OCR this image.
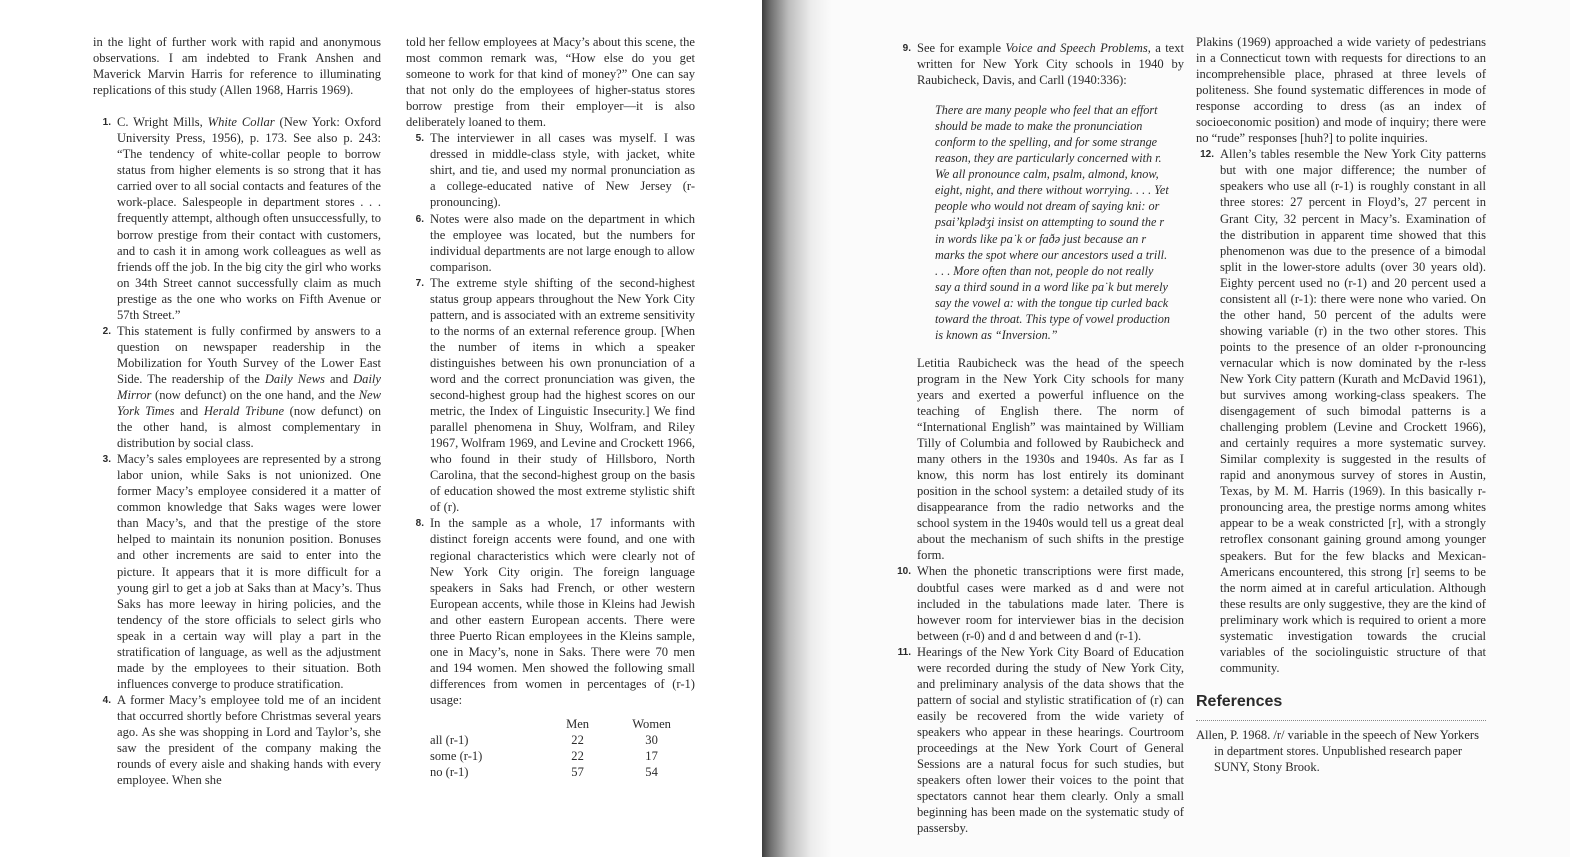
in the light of further work with rapid and anonymous observations. I am indebted to Frank Anshen and Maverick Marvin Harris for reference to illuminating replications of this study (Allen 1968, Harris 1969).

1. C. Wright Mills, White Collar (New York: Oxford University Press, 1956), p. 173. See also p. 243: “The tendency of white-collar people to borrow status from higher elements is so strong that it has carried over to all social contacts and features of the work-place. Salespeople in department stores . . . frequently attempt, although often unsuccessfully, to borrow prestige from their contact with customers, and to cash it in among work colleagues as well as friends off the job. In the big city the girl who works on 34th Street cannot successfully claim as much prestige as the one who works on Fifth Avenue or 57th Street.”
2. This statement is fully confirmed by answers to a question on newspaper readership in the Mobilization for Youth Survey of the Lower East Side. The readership of the Daily News and Daily Mirror (now defunct) on the one hand, and the New York Times and Herald Tribune (now defunct) on the other hand, is almost complementary in distribution by social class.
3. Macy’s sales employees are represented by a strong labor union, while Saks is not unionized. One former Macy’s employee considered it a matter of common knowledge that Saks wages were lower than Macy’s, and that the prestige of the store helped to maintain its nonunion position. Bonuses and other increments are said to enter into the picture. It appears that it is more difficult for a young girl to get a job at Saks than at Macy’s. Thus Saks has more leeway in hiring policies, and the tendency of the store officials to select girls who speak in a certain way will play a part in the stratification of language, as well as the adjustment made by the employees to their situation. Both influences converge to produce stratification.
4. A former Macy’s employee told me of an incident that occurred shortly before Christmas several years ago. As she was shopping in Lord and Taylor’s, she saw the president of the company making the rounds of every aisle and shaking hands with every employee. When she

told her fellow employees at Macy’s about this scene, the most common remark was, “How else do you get someone to work for that kind of money?” One can say that not only do the employees of higher-status stores borrow prestige from their employer—it is also deliberately loaned to them.

5. The interviewer in all cases was myself. I was dressed in middle-class style, with jacket, white shirt, and tie, and used my normal pronunciation as a college-educated native of New Jersey (r-pronouncing).
6. Notes were also made on the department in which the employee was located, but the numbers for individual departments are not large enough to allow comparison.
7. The extreme style shifting of the second-highest status group appears throughout the New York City pattern, and is associated with an extreme sensitivity to the norms of an external reference group. [When the number of items in which a speaker distinguishes between his own pronunciation of a word and the correct pronunciation was given, the second-highest group had the highest scores on our metric, the Index of Linguistic Insecurity.] We find parallel phenomena in Shuy, Wolfram, and Riley 1967, Wolfram 1969, and Levine and Crockett 1966, who found in their study of Hillsboro, North Carolina, that the second-highest group on the basis of education showed the most extreme stylistic shift of (r).
8. In the sample as a whole, 17 informants with distinct foreign accents were found, and one with regional characteristics which were clearly not of New York City origin. The foreign language speakers in Saks had French, or other western European accents, while those in Kleins had Jewish and other eastern European accents. There were three Puerto Rican employees in the Kleins sample, one in Macy’s, none in Saks. There were 70 men and 194 women. Men showed the following small differences from women in percentages of (r-1) usage:
	Men	Women
all (r-1)	22	30
some (r-1)	22	17
no (r-1)	57	54
9. See for example Voice and Speech Problems, a text written for New York City schools in 1940 by Raubicheck, Davis, and Carll (1940:336):

There are many people who feel that an effort should be made to make the pronunciation conform to the spelling, and for some strange reason, they are particularly concerned with r. We all pronounce calm, psalm, almond, know, eight, night, and there without worrying. . . . Yet people who would not dream of saying kni: or psai’kplədʒi insist on attempting to sound the r in words like pa˙k or faðə just because an r marks the spot where our ancestors used a trill. . . . More often than not, people do not really say a third sound in a word like pa˙k but merely say the vowel a: with the tongue tip curled back toward the throat. This type of vowel production is known as “Inversion.”

Letitia Raubicheck was the head of the speech program in the New York City schools for many years and exerted a powerful influence on the teaching of English there. The norm of “International English” was maintained by William Tilly of Columbia and followed by Raubicheck and many others in the 1930s and 1940s. As far as I know, this norm has lost entirely its dominant position in the school system: a detailed study of its disappearance from the radio networks and the school system in the 1940s would tell us a great deal about the mechanism of such shifts in the prestige form.

10. When the phonetic transcriptions were first made, doubtful cases were marked as d and were not included in the tabulations made later. There is however room for interviewer bias in the decision between (r-0) and d and between d and (r-1).
11. Hearings of the New York City Board of Education were recorded during the study of New York City, and preliminary analysis of the data shows that the pattern of social and stylistic stratification of (r) can easily be recovered from the wide variety of speakers who appear in these hearings. Courtroom proceedings at the New York Court of General Sessions are a natural focus for such studies, but speakers often lower their voices to the point that spectators cannot hear them clearly. Only a small beginning has been made on the systematic study of passersby.

Plakins (1969) approached a wide variety of pedestrians in a Connecticut town with requests for directions to an incomprehensible place, phrased at three levels of politeness. She found systematic differences in mode of response according to dress (as an index of socioeconomic position) and mode of inquiry; there were no “rude” responses [huh?] to polite inquiries.

12. Allen’s tables resemble the New York City patterns but with one major difference; the number of speakers who use all (r-1) is roughly constant in all three stores: 27 percent in Floyd’s, 27 percent in Grant City, 32 percent in Macy’s. Examination of the distribution in apparent time showed that this phenomenon was due to the presence of a bimodal split in the lower-store adults (over 30 years old). Eighty percent used no (r-1) and 20 percent used a consistent all (r-1): there were none who varied. On the other hand, 50 percent of the adults were showing variable (r) in the two other stores. This points to the presence of an older r-pronouncing vernacular which is now dominated by the r-less New York City pattern (Kurath and McDavid 1961), but survives among working-class speakers. The disengagement of such bimodal patterns is a challenging problem (Levine and Crockett 1966), and certainly requires a more systematic survey. Similar complexity is suggested in the results of rapid and anonymous survey of stores in Austin, Texas, by M. M. Harris (1969). In this basically r-pronouncing area, the prestige norms among whites appear to be a weak constricted [r], with a strongly retroflex consonant gaining ground among younger speakers. But for the few blacks and Mexican-Americans encountered, this strong [r] seems to be the norm aimed at in careful articulation. Although these results are only suggestive, they are the kind of preliminary work which is required to orient a more systematic investigation towards the crucial variables of the sociolinguistic structure of that community.
References

Allen, P. 1968. /r/ variable in the speech of New Yorkers in department stores. Unpublished research paper SUNY, Stony Brook.
